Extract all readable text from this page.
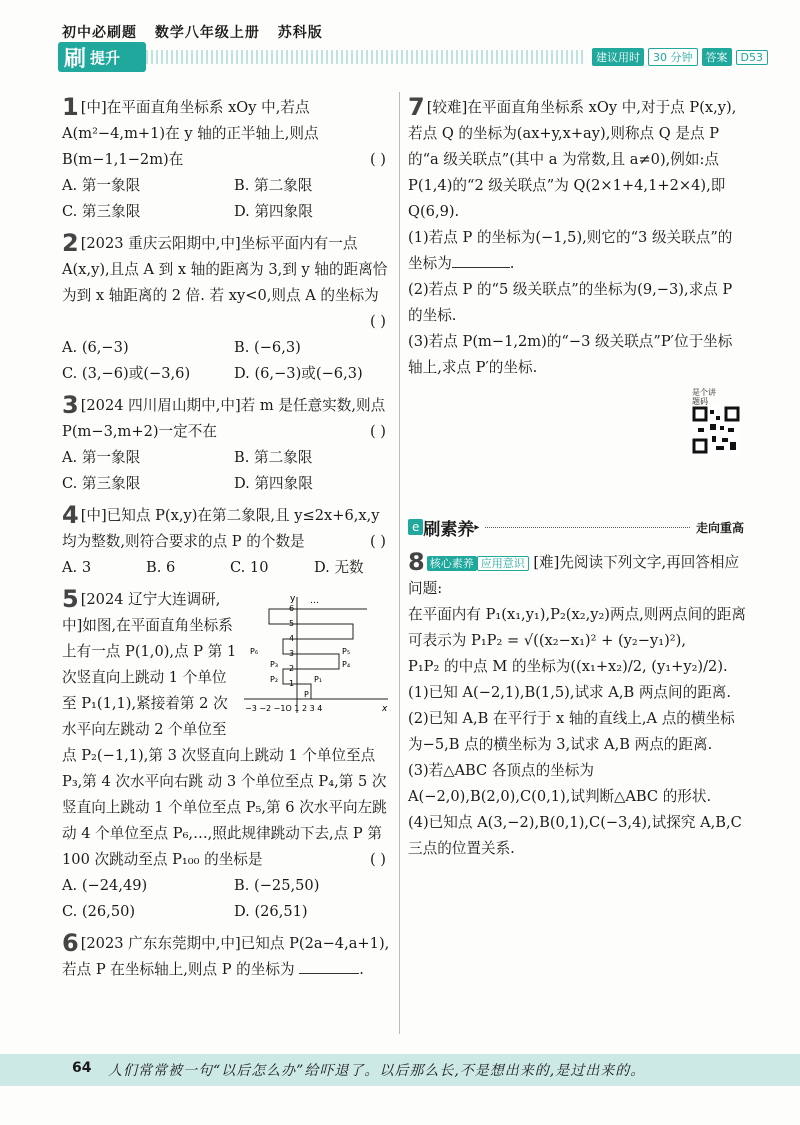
初中必刷题 数学八年级上册 苏科版
刷 提升	建议用时	30 分钟	答案	D53
1 [中]在平面直角坐标系 xOy 中,若点 A(m²−4,m+1)在 y 轴的正半轴上,则点 B(m−1,1−2m)在	( )
A. 第一象限	B. 第二象限
C. 第三象限	D. 第四象限
2 [2023 重庆云阳期中,中]坐标平面内有一点 A(x,y),且点 A 到 x 轴的距离为 3,到 y 轴的距离恰为到 x 轴距离的 2 倍. 若 xy<0,则点 A 的坐标为
( )
A. (6,−3)	B. (−6,3)
C. (3,−6)或(−3,6)	D. (6,−3)或(−6,3)
3 [2024 四川眉山期中,中]若 m 是任意实数,则点 P(m−3,m+2)一定不在	( )
A. 第一象限	B. 第二象限
C. 第三象限	D. 第四象限
4 [中]已知点 P(x,y)在第二象限,且 y≤2x+6,x,y 均为整数,则符合要求的点 P 的个数是	( )
A. 3	B. 6	C. 10	D. 无数
y
x
…
6
5
4
3
2
1
−3 −2 −1O 1 2 3 4
P₆	P₅
P₄
P₃
P₂	P₁
P
5 [2024 辽宁大连调研,中]如图,在平面直角坐标系上有一点 P(1,0),点 P 第 1 次竖直向上跳动 1 个单位至 P₁(1,1),紧接着第 2 次水平向左跳动 2 个单位至点 P₂(−1,1),第 3 次竖直向上跳动 1 个单位至点 P₃,第 4 次水平向右跳 动 3 个单位至点 P₄,第 5 次竖直向上跳动 1 个单位至点 P₅,第 6 次水平向左跳动 4 个单位至点 P₆,…,照此规律跳动下去,点 P 第 100 次跳动至点 P₁₀₀ 的坐标是	( )
A. (−24,49)	B. (−25,50)
C. (26,50)	D. (26,51)
6 [2023 广东东莞期中,中]已知点 P(2a−4,a+1),若点 P 在坐标轴上,则点 P 的坐标为	.
7 [较难]在平面直角坐标系 xOy 中,对于点 P(x,y),若点 Q 的坐标为(ax+y,x+ay),则称点 Q 是点 P 的“a 级关联点”(其中 a 为常数,且 a≠0),例如:点 P(1,4)的“2 级关联点”为 Q(2×1+4,1+2×4),即 Q(6,9).
(1)若点 P 的坐标为(−1,5),则它的“3 级关联点”的坐标为	.
(2)若点 P 的“5 级关联点”的坐标为(9,−3),求点 P 的坐标.
(3)若点 P(m−1,2m)的“−3 级关联点”P′位于坐标轴上,求点 P′的坐标.
是个讲题码
e 刷素养 ▸	走向重高
8 核心素养 应用意识 [难]先阅读下列文字,再回答相应问题:
在平面内有 P₁(x₁,y₁),P₂(x₂,y₂)两点,则两点间的距离可表示为 P₁P₂ = √((x₂−x₁)² + (y₂−y₁)²),
P₁P₂ 的中点 M 的坐标为((x₁+x₂)/2, (y₁+y₂)/2).
(1)已知 A(−2,1),B(1,5),试求 A,B 两点间的距离.
(2)已知 A,B 在平行于 x 轴的直线上,A 点的横坐标为−5,B 点的横坐标为 3,试求 A,B 两点的距离.
(3)若△ABC 各顶点的坐标为 A(−2,0),B(2,0),C(0,1),试判断△ABC 的形状.
(4)已知点 A(3,−2),B(0,1),C(−3,4),试探究 A,B,C 三点的位置关系.
64 人们常常被一句“以后怎么办”给吓退了。以后那么长,不是想出来的,是过出来的。
